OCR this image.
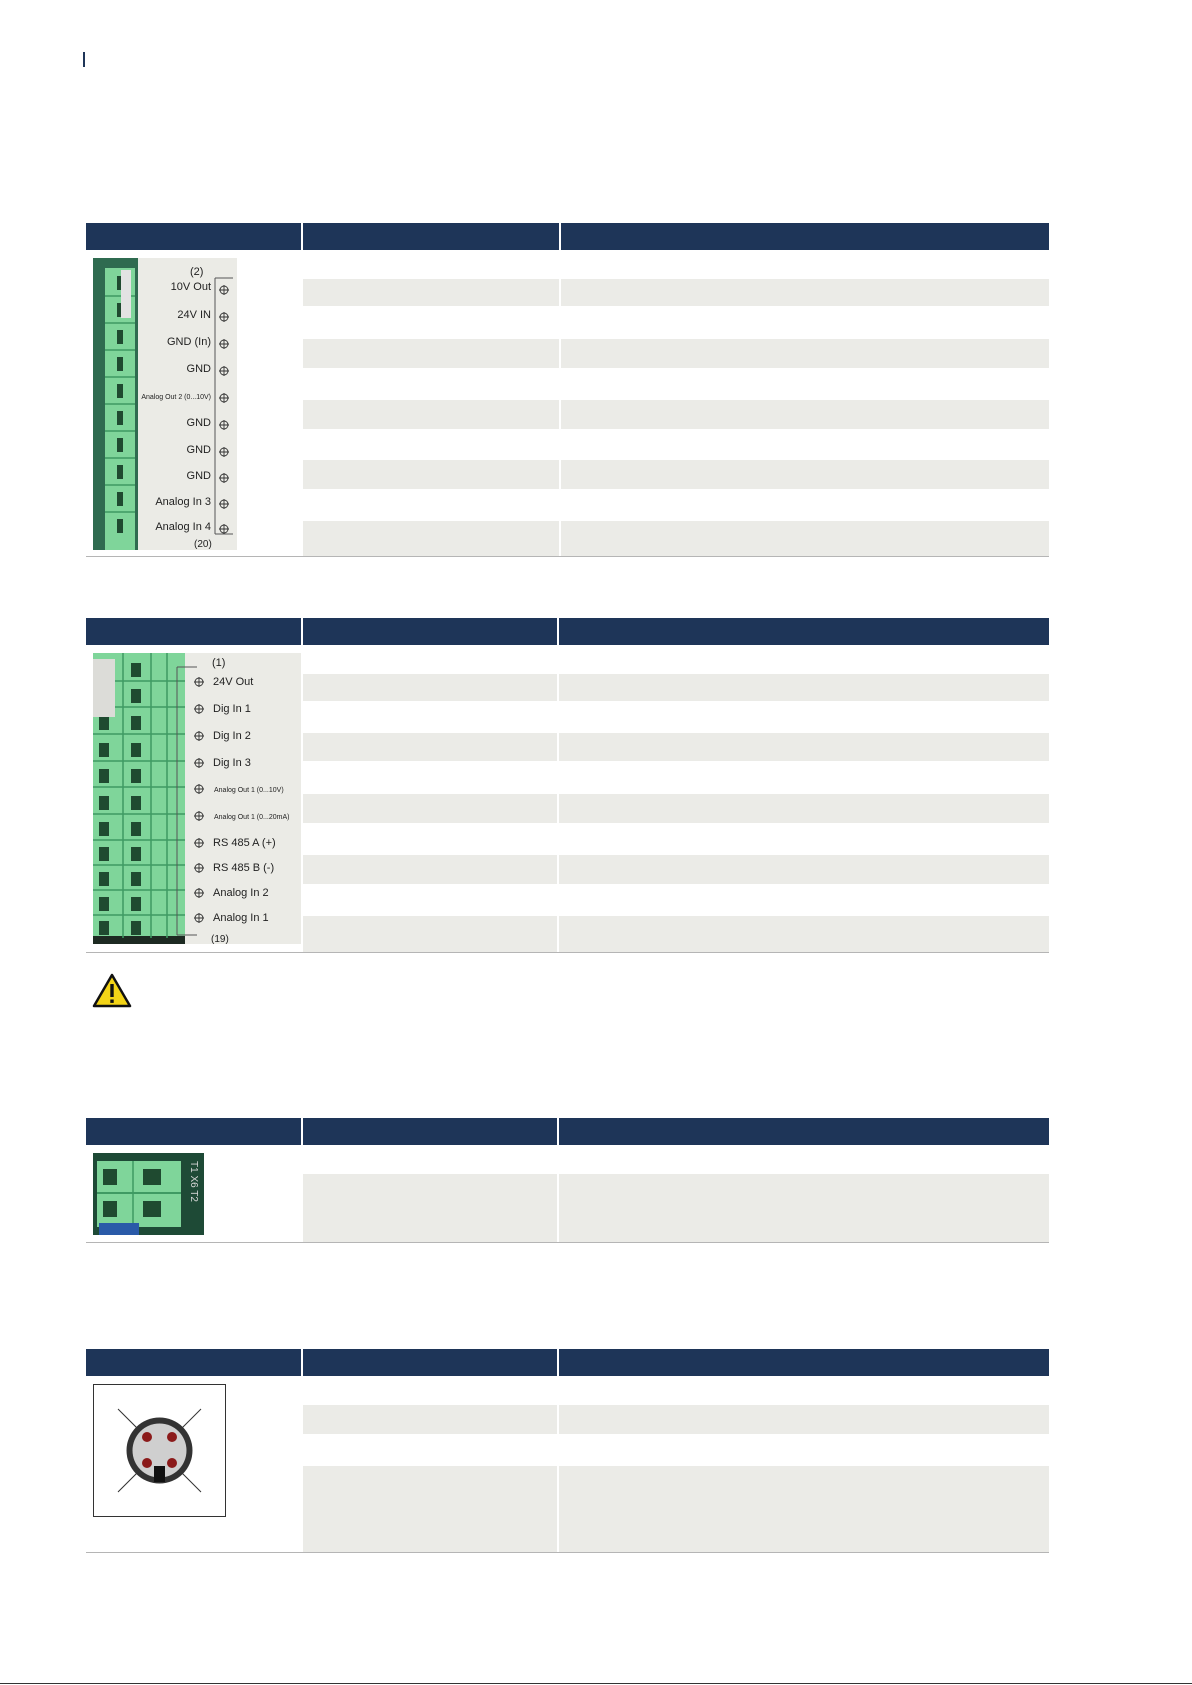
(2)
10V Out
24V IN
GND (In)
GND
Analog Out 2 (0...10V)
GND
GND
GND
Analog In 3
Analog In 4
(20)
(1)
24V Out
Dig In 1
Dig In 2
Dig In 3
Analog Out 1 (0...10V)
Analog Out 1 (0...20mA)
RS 485 A (+)
RS 485 B (-)
Analog In 2
Analog In 1
(19)
T1 X6 T2
